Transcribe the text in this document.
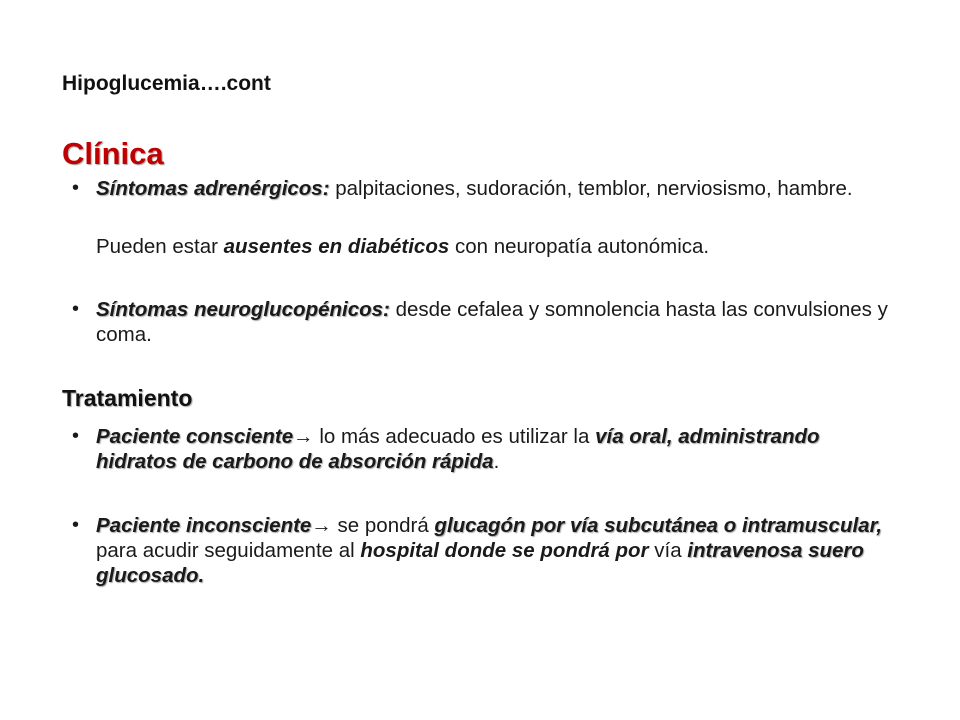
Hipoglucemia….cont
Clínica
• Síntomas adrenérgicos: palpitaciones, sudoración, temblor, nerviosismo, hambre.
Pueden estar ausentes en diabéticos con neuropatía autonómica.
• Síntomas neuroglucopénicos: desde cefalea y somnolencia hasta las convulsiones y coma.
Tratamiento
• Paciente consciente→ lo más adecuado es utilizar la vía oral, administrando hidratos de carbono de absorción rápida.
• Paciente inconsciente→ se pondrá glucagón por vía subcutánea o intramuscular, para acudir seguidamente al hospital donde se pondrá por vía intravenosa suero glucosado.
